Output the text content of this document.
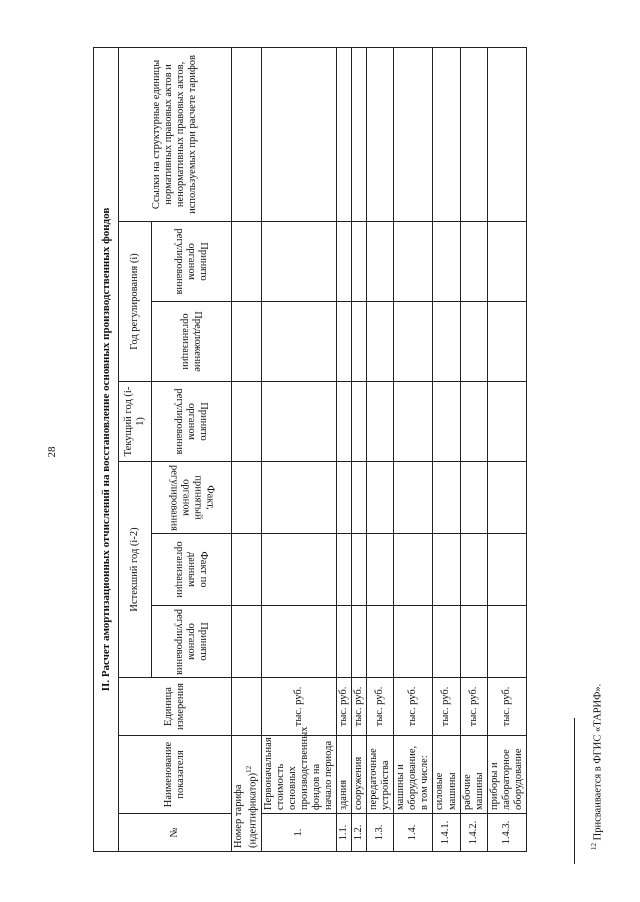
28	II. Расчет амортизационных отчислений на восстановление основных производственных фондов									
№	Наименование показателя	Единица измерения	Истекший год (i-2)			Текущий год (i-1)	Год регулирования (i)		Ссылки на структурные единицы нормативных правовых актов и ненормативных правовых актов, используемых при расчете тарифов

			Принято органом регулирования	Факт по данным организации	Факт, принятый органом регулирования	Принято органом регулирования	Предложение организации	Принято органом регулирования	

Номер тарифа (идентификатор)$^{12}$								
1.	Первоначальная стоимость основных производственных фондов на начало периода	тыс. руб.							
1.1.	здания	тыс. руб.							
1.2.	сооружения	тыс. руб.							
1.3.	передаточные устройства	тыс. руб.							
1.4.	машины и оборудование, в том числе:	тыс. руб.							
1.4.1.	силовые машины	тыс. руб.							
1.4.2.	рабочие машины	тыс. руб.							
1.4.3.	приборы и лабораторное оборудование	тыс. руб.							
$^{12}$ Присваивается в ФГИС «ТАРИФ».
